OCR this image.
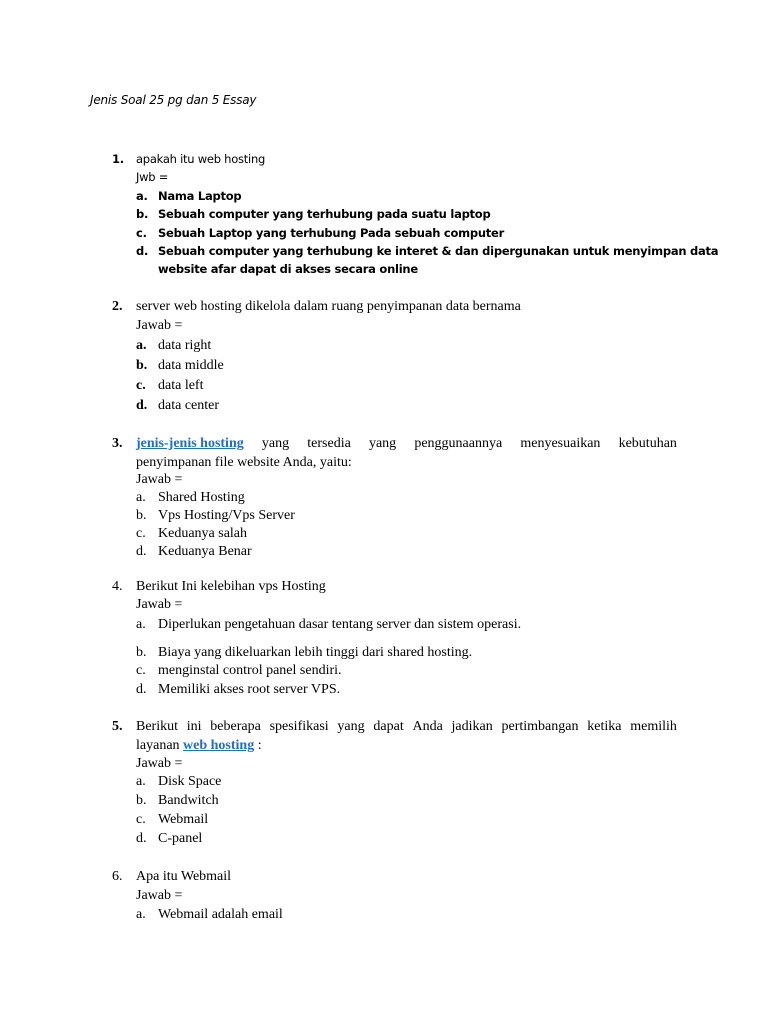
Jenis Soal 25 pg dan 5 Essay
1.	apakah itu web hosting
Jwb =
a. Nama Laptop
b. Sebuah computer yang terhubung pada suatu laptop
c. Sebuah Laptop yang terhubung Pada sebuah computer
d. Sebuah computer yang terhubung ke interet & dan dipergunakan untuk menyimpan data
website afar dapat di akses secara online
2. server web hosting dikelola dalam ruang penyimpanan data bernama
Jawab =
a. data right
b. data middle
c. data left
d. data center
3. jenis-jenis hosting yang tersedia yang penggunaannya menyesuaikan kebutuhan
penyimpanan file website Anda, yaitu:
Jawab =
a. Shared Hosting
b. Vps Hosting/Vps Server
c. Keduanya salah
d. Keduanya Benar
4. Berikut Ini kelebihan vps Hosting
Jawab =
a. Diperlukan pengetahuan dasar tentang server dan sistem operasi.
b. Biaya yang dikeluarkan lebih tinggi dari shared hosting.
c. menginstal control panel sendiri.
d. Memiliki akses root server VPS.
5. Berikut ini beberapa spesifikasi yang dapat Anda jadikan pertimbangan ketika memilih
layanan web hosting :
Jawab =
a. Disk Space
b. Bandwitch
c. Webmail
d. C-panel
6. Apa itu Webmail
Jawab =
a. Webmail adalah email
